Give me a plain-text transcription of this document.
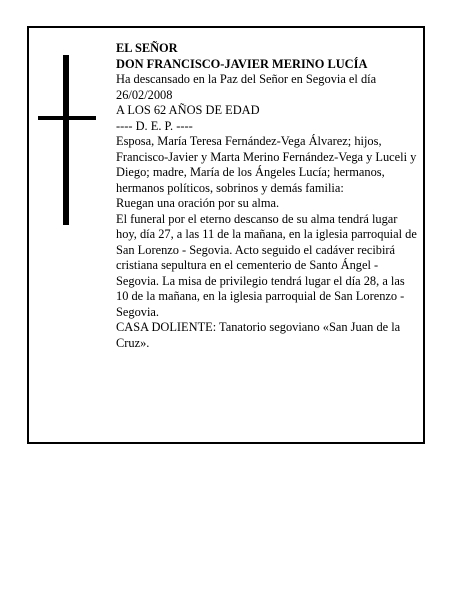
EL SEÑOR

DON FRANCISCO-JAVIER MERINO LUCÍA

Ha descansado en la Paz del Señor en Segovia el día 26/02/2008

A LOS 62 AÑOS DE EDAD

---- D. E. P. ----

Esposa, María Teresa Fernández-Vega Álvarez; hijos, Francisco-Javier y Marta Merino Fernández-Vega y Luceli y Diego; madre, María de los Ángeles Lucía; hermanos, hermanos políticos, sobrinos y demás familia:

Ruegan una oración por su alma.

El funeral por el eterno descanso de su alma tendrá lugar hoy, día 27, a las 11 de la mañana, en la iglesia parroquial de San Lorenzo - Segovia. Acto seguido el cadáver recibirá cristiana sepultura en el cementerio de Santo Ángel - Segovia. La misa de privilegio tendrá lugar el día 28, a las 10 de la mañana, en la iglesia parroquial de San Lorenzo - Segovia.

CASA DOLIENTE: Tanatorio segoviano «San Juan de la Cruz».
